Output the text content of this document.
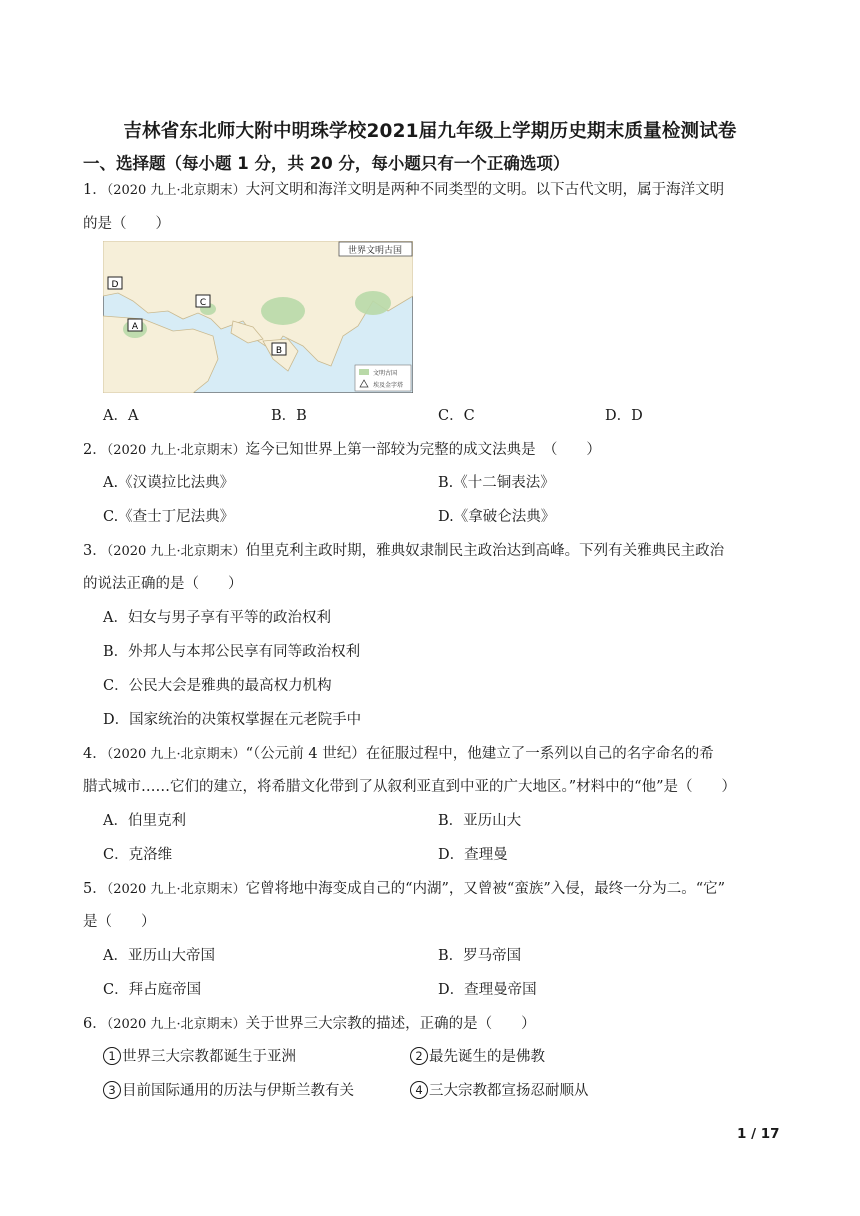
吉林省东北师大附中明珠学校2021届九年级上学期历史期末质量检测试卷
一、选择题（每小题 1 分，共 20 分，每小题只有一个正确选项）
1．（2020 九上·北京期末）大河文明和海洋文明是两种不同类型的文明。以下古代文明，属于海洋文明
的是（　　）
世界文明古国
D
C
A
B
文明古国
埃及金字塔
A．A	B．B	C．C	D．D
2．（2020 九上·北京期末）迄今已知世界上第一部较为完整的成文法典是　（　　）
A.《汉谟拉比法典》	B.《十二铜表法》
C.《查士丁尼法典》	D.《拿破仑法典》
3．（2020 九上·北京期末）伯里克利主政时期，雅典奴隶制民主政治达到高峰。下列有关雅典民主政治
的说法正确的是（　　）
A．妇女与男子享有平等的政治权利
B．外邦人与本邦公民享有同等政治权利
C．公民大会是雅典的最高权力机构
D．国家统治的决策权掌握在元老院手中
4．（2020 九上·北京期末）“（公元前 4 世纪）在征服过程中，他建立了一系列以自己的名字命名的希
腊式城市……它们的建立，将希腊文化带到了从叙利亚直到中亚的广大地区。”材料中的“他”是（　　）
A．伯里克利	B．亚历山大
C．克洛维	D．查理曼
5．（2020 九上·北京期末）它曾将地中海变成自己的“内湖”，又曾被“蛮族”入侵，最终一分为二。“它”
是（　　）
A．亚历山大帝国	B．罗马帝国
C．拜占庭帝国	D．查理曼帝国
6．（2020 九上·北京期末）关于世界三大宗教的描述，正确的是（　　）
1 世界三大宗教都诞生于亚洲	2 最先诞生的是佛教
3 目前国际通用的历法与伊斯兰教有关	4 三大宗教都宣扬忍耐顺从
1 / 17
